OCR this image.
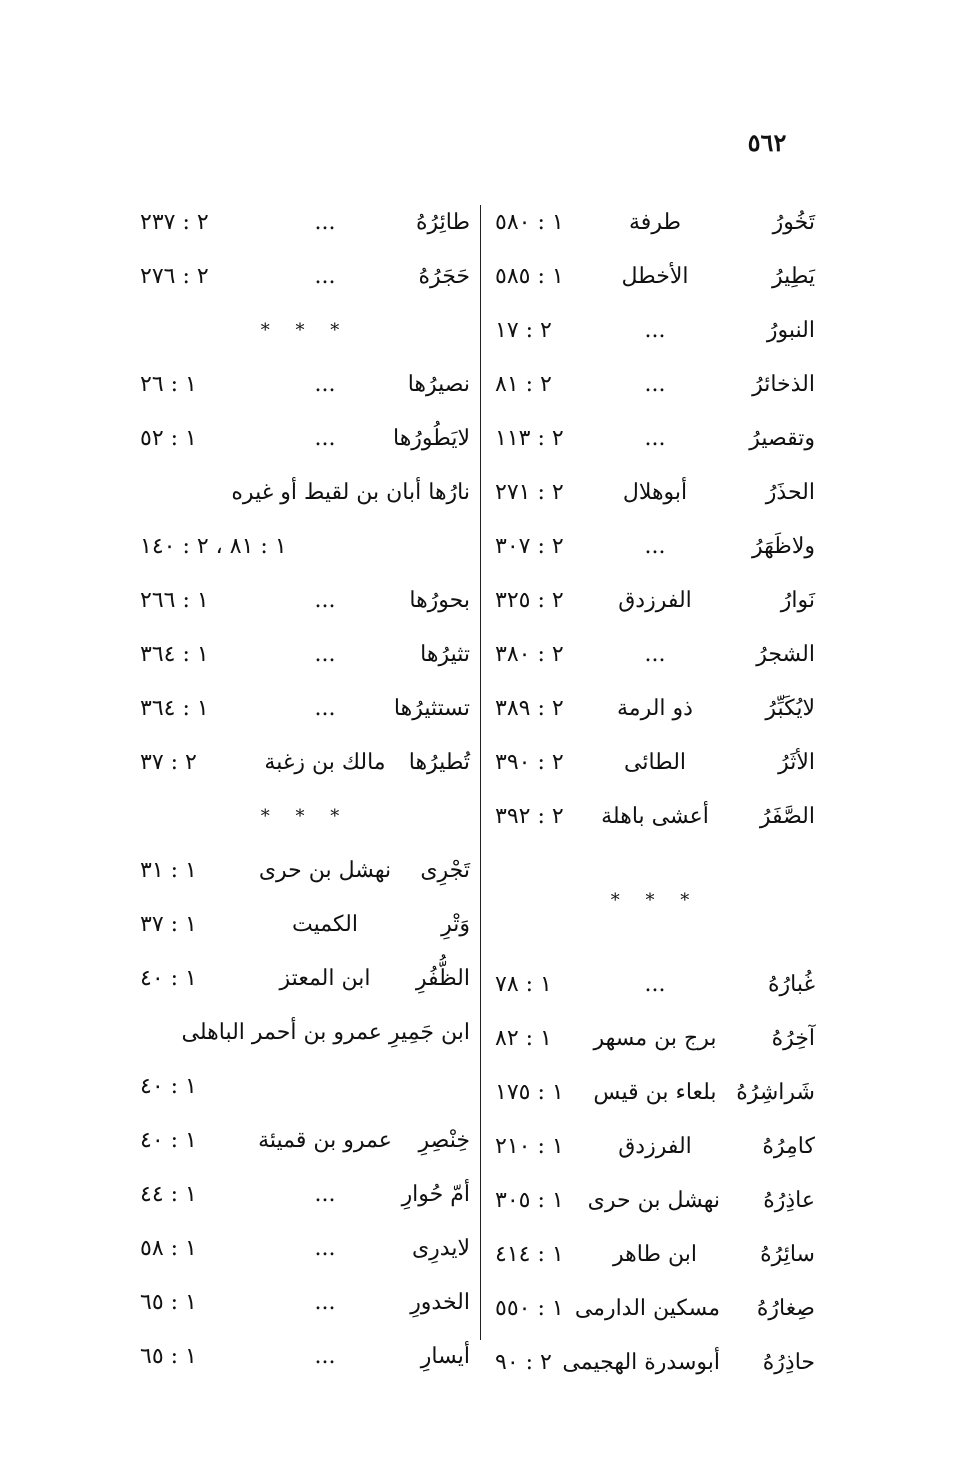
٥٦٢
تَخُورُ
طرفة
١ : ٥٨٠
يَطِيرُ
الأخطل
١ : ٥٨٥
النبورُ
...
٢ : ١٧
الذخائرُ
...
٢ : ٨١
وتقصيرُ
...
٢ : ١١٣
الحذَرُ
أبوهلال
٢ : ٢٧١
ولاظَهَرُ
...
٢ : ٣٠٧
نَوارُ
الفرزدق
٢ : ٣٢٥
الشجرُ
...
٢ : ٣٨٠
لايُكَبِّرُ
ذو الرمة
٢ : ٣٨٩
الأثَرُ
الطائى
٢ : ٣٩٠
الصَّفَرُ
أعشى باهلة
٢ : ٣٩٢
* * *
غُبارُهُ
...
١ : ٧٨
آخِرُهُ
برج بن مسهر
١ : ٨٢
شَراشِرُهُ
بلعاء بن قيس
١ : ١٧٥
كامِرُهُ
الفرزدق
١ : ٢١٠
عاذِرُهُ
نهشل بن حرى
١ : ٣٠٥
سائِرُهُ
ابن طاهر
١ : ٤١٤
صِغارُهُ
مسكين الدارمى
١ : ٥٥٠
حاذِرُهُ
أبوسدرة الهجيمى
٢ : ٩٠
طائِرُهُ
...
٢ : ٢٣٧
حَجَرُهُ
...
٢ : ٢٧٦
* * *
نصيرُها
...
١ : ٢٦
لايَطُورُها
...
١ : ٥٢
نارُها أبان بن لقيط أو غيره
١ : ٨١ ، ٢ : ١٤٠
بحورُها
...
١ : ٢٦٦
تثيرُها
...
١ : ٣٦٤
تستثيرُها
...
١ : ٣٦٤
تُطيرُها
مالك بن زغبة
٢ : ٣٧
* * *
تَجْرِى
نهشل بن حرى
١ : ٣١
وَتْرِ
الكميت
١ : ٣٧
الظُّفُرِ
ابن المعتز
١ : ٤٠
ابن جَمِيرِ عمرو بن أحمر الباهلى
١ : ٤٠
خِنْصِرِ
عمرو بن قميئة
١ : ٤٠
أمّ حُوارِ
...
١ : ٤٤
لايدرِى
...
١ : ٥٨
الخدورِ
...
١ : ٦٥
أيسارِ
...
١ : ٦٥
